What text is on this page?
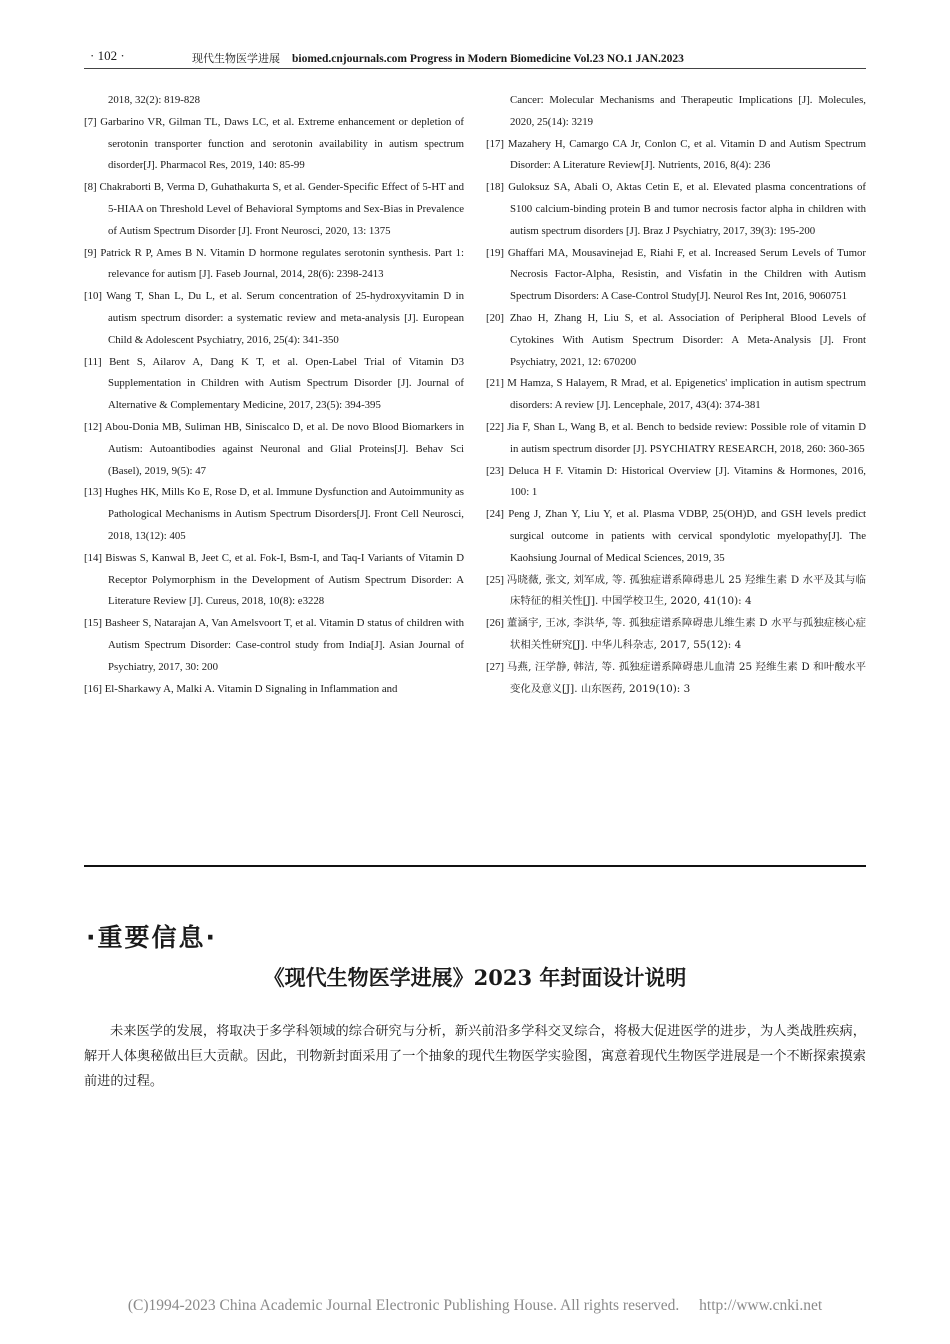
· 102 ·	现代生物医学进展 biomed.cnjournals.com Progress in Modern Biomedicine Vol.23 NO.1 JAN.2023
2018, 32(2): 819-828
[7] Garbarino VR, Gilman TL, Daws LC, et al. Extreme enhancement or depletion of serotonin transporter function and serotonin availability in autism spectrum disorder[J]. Pharmacol Res, 2019, 140: 85-99
[8] Chakraborti B, Verma D, Guhathakurta S, et al. Gender-Specific Effect of 5-HT and 5-HIAA on Threshold Level of Behavioral Symptoms and Sex-Bias in Prevalence of Autism Spectrum Disorder [J]. Front Neurosci, 2020, 13: 1375
[9] Patrick R P, Ames B N. Vitamin D hormone regulates serotonin synthesis. Part 1: relevance for autism [J]. Faseb Journal, 2014, 28(6): 2398-2413
[10] Wang T, Shan L, Du L, et al. Serum concentration of 25-hydroxyvitamin D in autism spectrum disorder: a systematic review and meta-analysis [J]. European Child & Adolescent Psychiatry, 2016, 25(4): 341-350
[11] Bent S, Ailarov A, Dang K T, et al. Open-Label Trial of Vitamin D3 Supplementation in Children with Autism Spectrum Disorder [J]. Journal of Alternative & Complementary Medicine, 2017, 23(5): 394-395
[12] Abou-Donia MB, Suliman HB, Siniscalco D, et al. De novo Blood Biomarkers in Autism: Autoantibodies against Neuronal and Glial Proteins[J]. Behav Sci (Basel), 2019, 9(5): 47
[13] Hughes HK, Mills Ko E, Rose D, et al. Immune Dysfunction and Autoimmunity as Pathological Mechanisms in Autism Spectrum Disorders[J]. Front Cell Neurosci, 2018, 13(12): 405
[14] Biswas S, Kanwal B, Jeet C, et al. Fok-I, Bsm-I, and Taq-I Variants of Vitamin D Receptor Polymorphism in the Development of Autism Spectrum Disorder: A Literature Review [J]. Cureus, 2018, 10(8): e3228
[15] Basheer S, Natarajan A, Van Amelsvoort T, et al. Vitamin D status of children with Autism Spectrum Disorder: Case-control study from India[J]. Asian Journal of Psychiatry, 2017, 30: 200
[16] El-Sharkawy A, Malki A. Vitamin D Signaling in Inflammation and
Cancer: Molecular Mechanisms and Therapeutic Implications [J]. Molecules, 2020, 25(14): 3219
[17] Mazahery H, Camargo CA Jr, Conlon C, et al. Vitamin D and Autism Spectrum Disorder: A Literature Review[J]. Nutrients, 2016, 8(4): 236
[18] Guloksuz SA, Abali O, Aktas Cetin E, et al. Elevated plasma concentrations of S100 calcium-binding protein B and tumor necrosis factor alpha in children with autism spectrum disorders [J]. Braz J Psychiatry, 2017, 39(3): 195-200
[19] Ghaffari MA, Mousavinejad E, Riahi F, et al. Increased Serum Levels of Tumor Necrosis Factor-Alpha, Resistin, and Visfatin in the Children with Autism Spectrum Disorders: A Case-Control Study[J]. Neurol Res Int, 2016, 9060751
[20] Zhao H, Zhang H, Liu S, et al. Association of Peripheral Blood Levels of Cytokines With Autism Spectrum Disorder: A Meta-Analysis [J]. Front Psychiatry, 2021, 12: 670200
[21] M Hamza, S Halayem, R Mrad, et al. Epigenetics' implication in autism spectrum disorders: A review [J]. Lencephale, 2017, 43(4): 374-381
[22] Jia F, Shan L, Wang B, et al. Bench to bedside review: Possible role of vitamin D in autism spectrum disorder [J]. PSYCHIATRY RESEARCH, 2018, 260: 360-365
[23] Deluca H F. Vitamin D: Historical Overview [J]. Vitamins & Hormones, 2016, 100: 1
[24] Peng J, Zhan Y, Liu Y, et al. Plasma VDBP, 25(OH)D, and GSH levels predict surgical outcome in patients with cervical spondylotic myelopathy[J]. The Kaohsiung Journal of Medical Sciences, 2019, 35
[25] 冯晓薇, 张文, 刘军成, 等. 孤独症谱系障碍患儿 25 羟维生素 D 水平及其与临床特征的相关性[J]. 中国学校卫生, 2020, 41(10): 4
[26] 董涵宇, 王冰, 李洪华, 等. 孤独症谱系障碍患儿维生素 D 水平与孤独症核心症状相关性研究[J]. 中华儿科杂志, 2017, 55(12): 4
[27] 马燕, 汪学静, 韩洁, 等. 孤独症谱系障碍患儿血清 25 羟维生素 D 和叶酸水平变化及意义[J]. 山东医药, 2019(10): 3
·重要信息·
《现代生物医学进展》2023 年封面设计说明
未来医学的发展，将取决于多学科领域的综合研究与分析，新兴前沿多学科交叉综合，将极大促进医学的进步，为人类战胜疾病，解开人体奥秘做出巨大贡献。因此，刊物新封面采用了一个抽象的现代生物医学实验图，寓意着现代生物医学进展是一个不断探索摸索前进的过程。
(C)1994-2023 China Academic Journal Electronic Publishing House. All rights reserved. http://www.cnki.net
